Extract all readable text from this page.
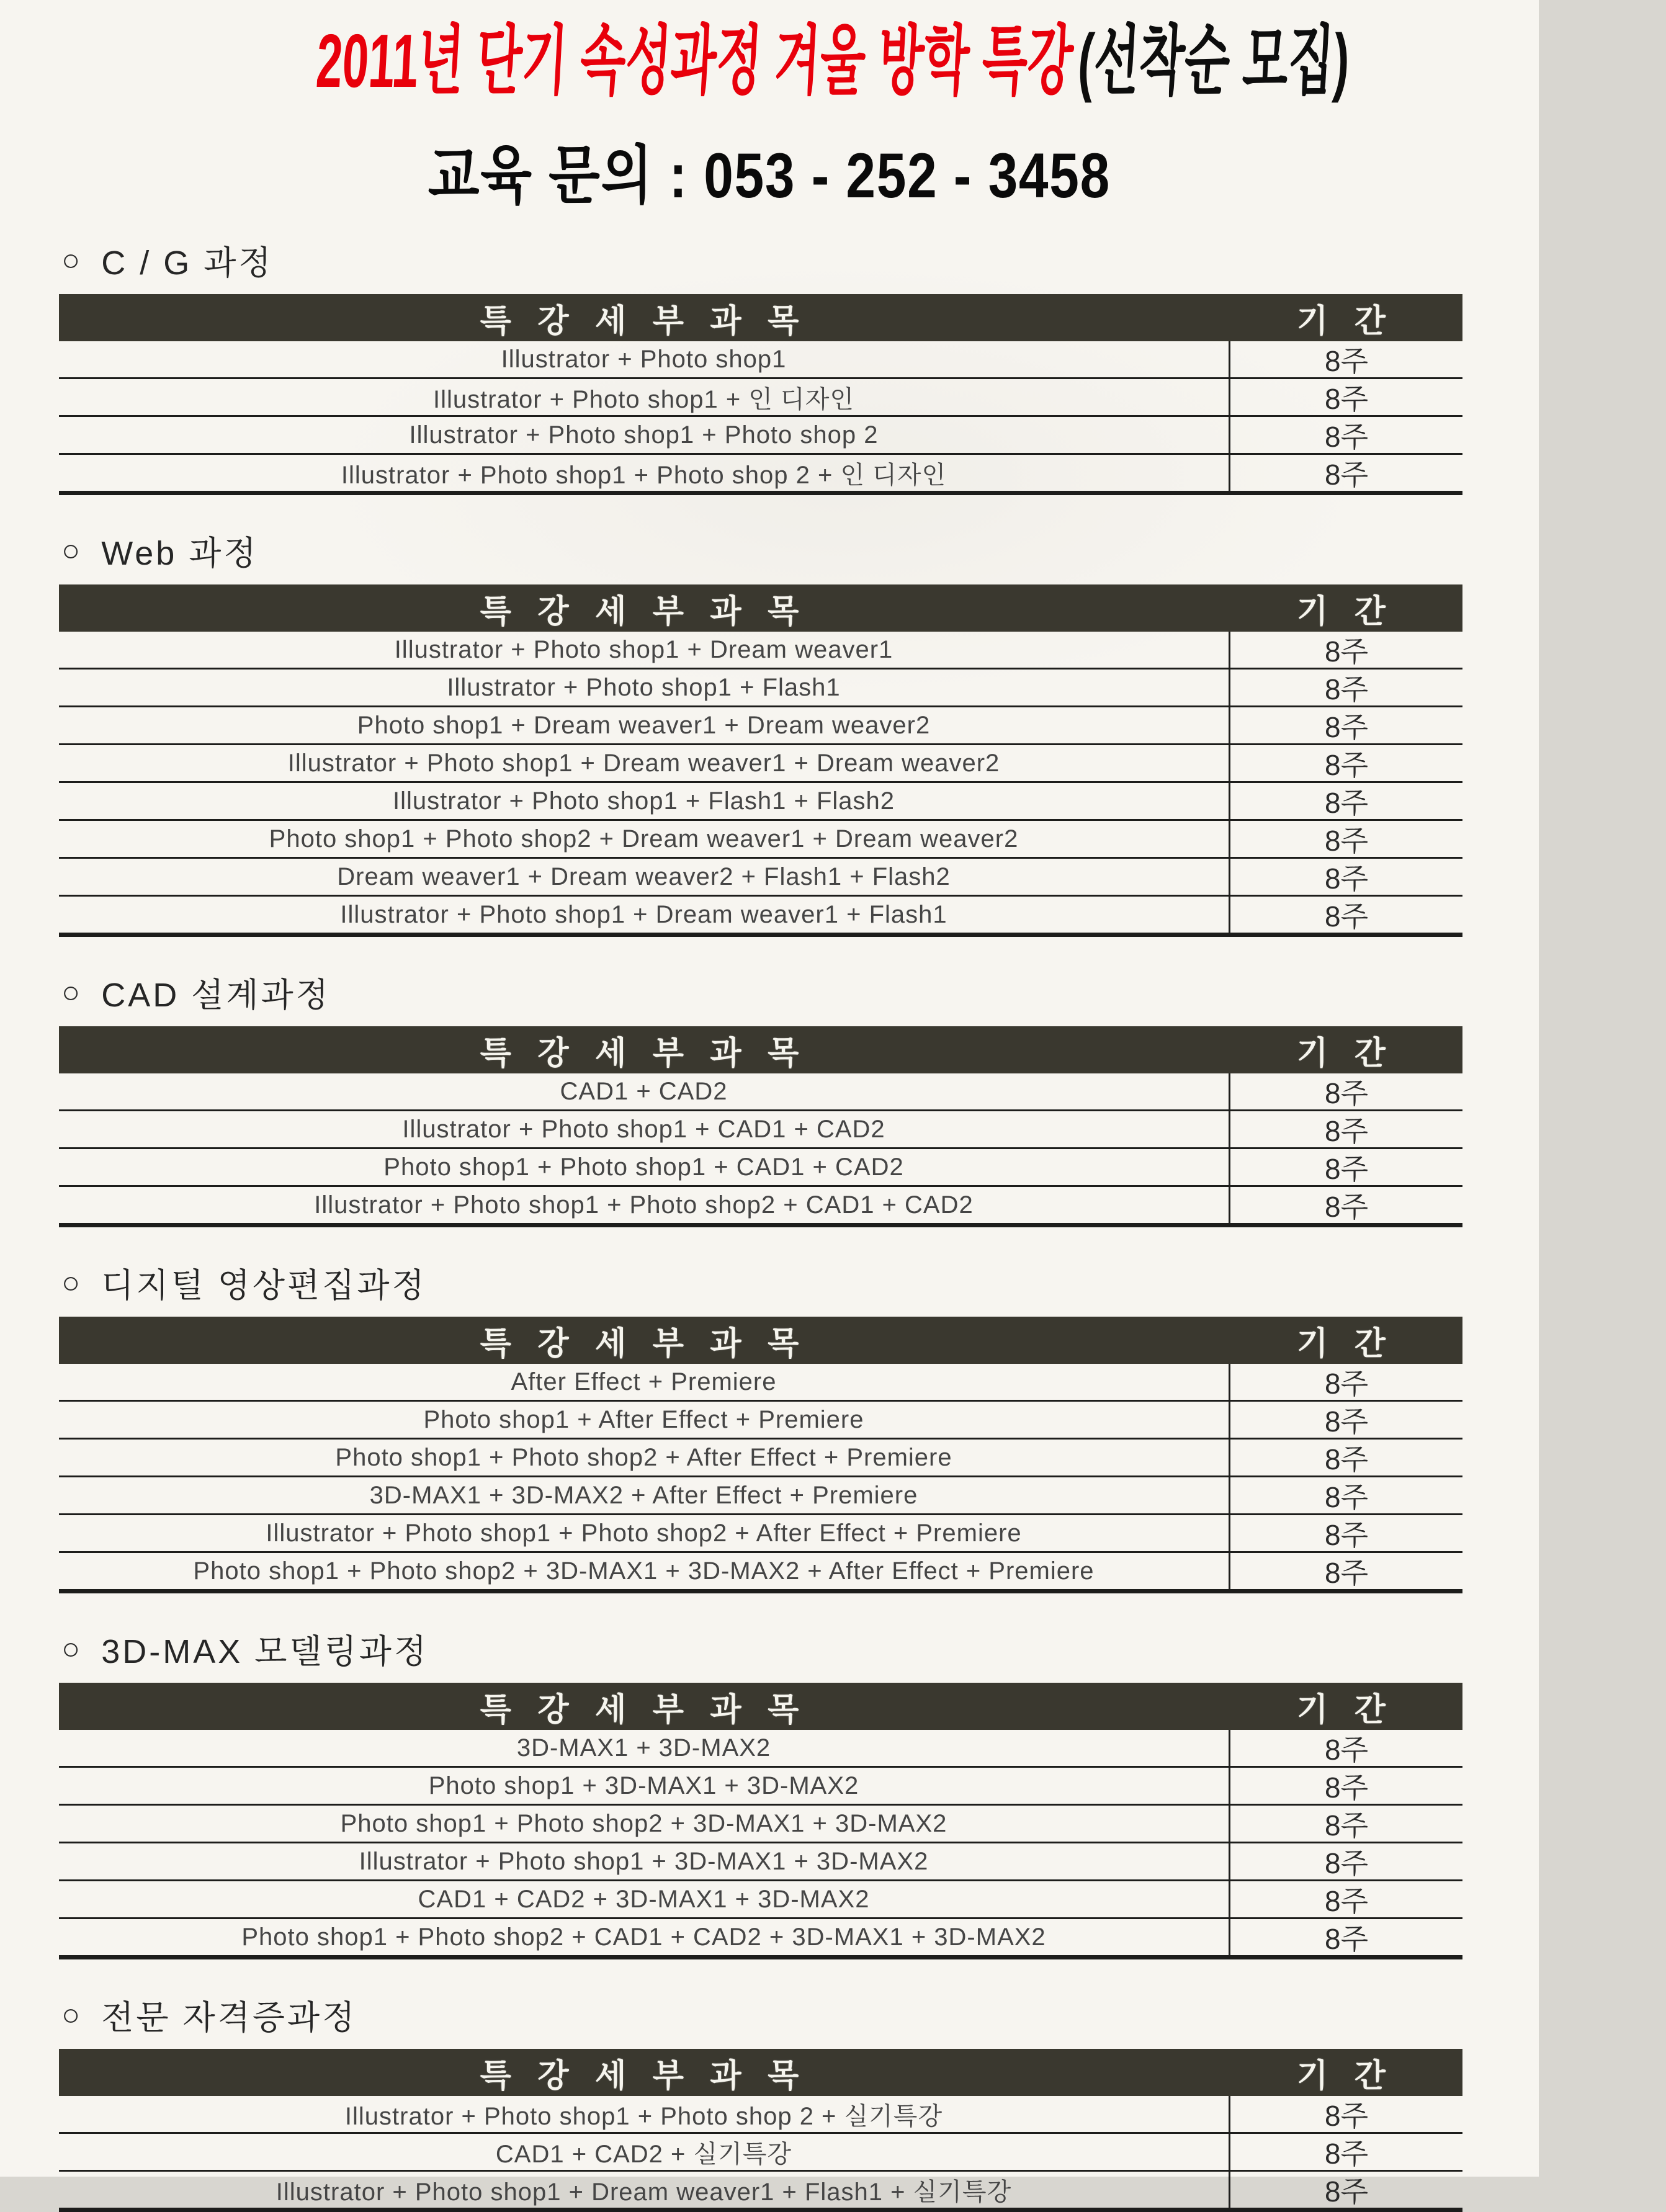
2011년 단기 속성과정 겨울 방학 특강(선착순 모집)
교육 문의 : 053 - 252 - 3458
○ C / G 과정
특 강 세 부 과 목	기 간
Illustrator + Photo shop1	8주
Illustrator + Photo shop1 + 인 디자인	8주
Illustrator + Photo shop1 + Photo shop 2	8주
Illustrator + Photo shop1 + Photo shop 2 + 인 디자인	8주
○ Web 과정
특 강 세 부 과 목	기 간
Illustrator + Photo shop1 + Dream weaver1	8주
Illustrator + Photo shop1 + Flash1	8주
Photo shop1 + Dream weaver1 + Dream weaver2	8주
Illustrator + Photo shop1 + Dream weaver1 + Dream weaver2	8주
Illustrator + Photo shop1 + Flash1 + Flash2	8주
Photo shop1 + Photo shop2 + Dream weaver1 + Dream weaver2	8주
Dream weaver1 + Dream weaver2 + Flash1 + Flash2	8주
Illustrator + Photo shop1 + Dream weaver1 + Flash1	8주
○ CAD 설계과정
특 강 세 부 과 목	기 간
CAD1 + CAD2	8주
Illustrator + Photo shop1 + CAD1 + CAD2	8주
Photo shop1 + Photo shop1 + CAD1 + CAD2	8주
Illustrator + Photo shop1 + Photo shop2 + CAD1 + CAD2	8주
○ 디지털 영상편집과정
특 강 세 부 과 목	기 간
After Effect + Premiere	8주
Photo shop1 + After Effect + Premiere	8주
Photo shop1 + Photo shop2 + After Effect + Premiere	8주
3D-MAX1 + 3D-MAX2 + After Effect + Premiere	8주
Illustrator + Photo shop1 + Photo shop2 + After Effect + Premiere	8주
Photo shop1 + Photo shop2 + 3D-MAX1 + 3D-MAX2 + After Effect + Premiere	8주
○ 3D-MAX 모델링과정
특 강 세 부 과 목	기 간
3D-MAX1 + 3D-MAX2	8주
Photo shop1 + 3D-MAX1 + 3D-MAX2	8주
Photo shop1 + Photo shop2 + 3D-MAX1 + 3D-MAX2	8주
Illustrator + Photo shop1 + 3D-MAX1 + 3D-MAX2	8주
CAD1 + CAD2 + 3D-MAX1 + 3D-MAX2	8주
Photo shop1 + Photo shop2 + CAD1 + CAD2 + 3D-MAX1 + 3D-MAX2	8주
○ 전문 자격증과정
특 강 세 부 과 목	기 간
Illustrator + Photo shop1 + Photo shop 2 + 실기특강	8주
CAD1 + CAD2 + 실기특강	8주
Illustrator + Photo shop1 + Dream weaver1 + Flash1 + 실기특강	8주
